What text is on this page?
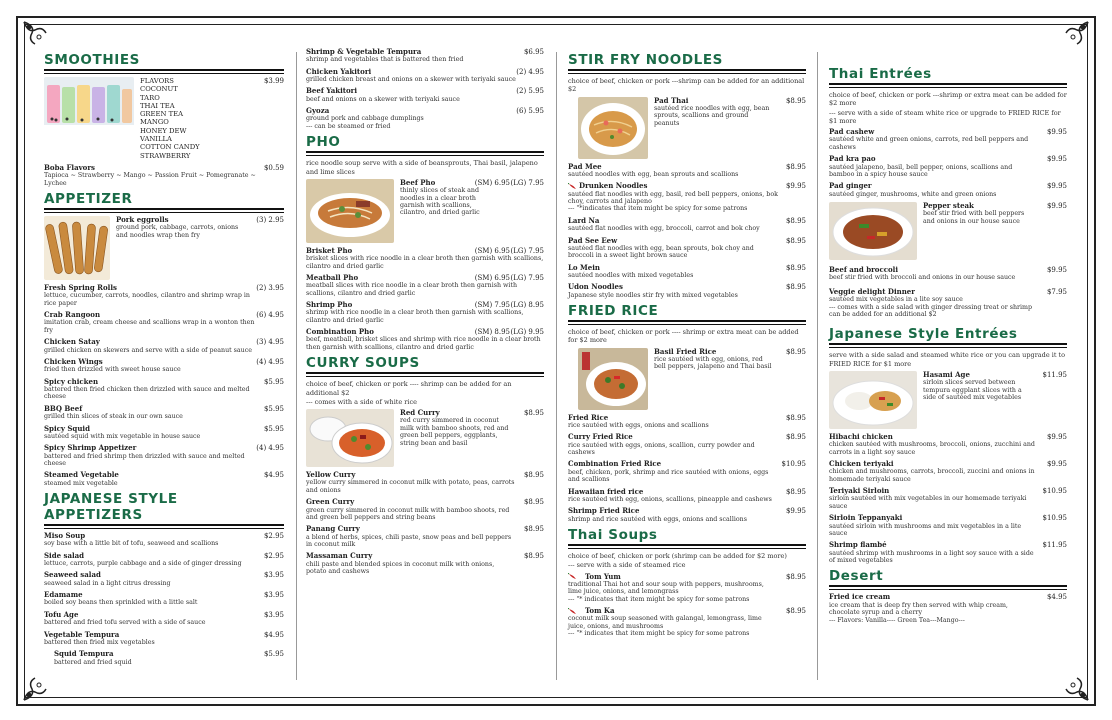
SMOOTHIES
FLAVORS
COCONUT
TARO
THAI TEA
GREEN TEA
MANGO
HONEY DEW
VANILLA
COTTON CANDY
STRAWBERRY
$3.99
Boba Flavors
Tapioca ~ Strawberry ~ Mango ~ Passion Fruit ~ Pomegranate ~ Lychee
$0.59
APPETIZER
Pork eggrolls
ground pork, cabbage, carrots, onions and noodles wrap then fry
(3) 2.95
Fresh Spring Rolls
lettuce, cucumber, carrots, noodles, cilantro and shrimp wrap in rice paper
(2) 3.95
Crab Rangoon
imitation crab, cream cheese and scallions wrap in a wonton then fry
(6) 4.95
Chicken Satay
grilled chicken on skewers and serve with a side of peanut sauce
(3) 4.95
Chicken Wings
fried then drizzled with sweet house sauce
(4) 4.95
Spicy chicken
battered then fried chicken then drizzled with sauce and melted cheese
$5.95
BBQ Beef
grilled thin slices of steak in our own sauce
$5.95
Spicy Squid
sautéed squid with mix vegetable in house sauce
$5.95
Spicy Shrimp Appetizer
battered and fried shrimp then drizzled with sauce and melted cheese
(4) 4.95
Steamed Vegetable
steamed mix vegetable
$4.95
JAPANESE STYLE
APPETIZERS
Miso Soup
soy base with a little bit of tofu, seaweed and scallions
$2.95
Side salad
lettuce, carrots, purple cabbage and a side of ginger dressing
$2.95
Seaweed salad
seaweed salad in a light citrus dressing
$3.95
Edamame
boiled soy beans then sprinkled with a little salt
$3.95
Tofu Age
battered and fried tofu served with a side of sauce
$3.95
Vegetable Tempura
battered then fried mix vegetables
$4.95
Squid Tempura
battered and fried squid
$5.95
Shrimp & Vegetable Tempura
shrimp and vegetables that is battered then fried
$6.95
Chicken Yakitori
grilled chicken breast and onions on a skewer with teriyaki sauce
(2) 4.95
Beef Yakitori
beef and onions on a skewer with teriyaki sauce
(2) 5.95
Gyoza
ground pork and cabbage dumplings
--- can be steamed or fried
(6) 5.95
PHO
rice noodle soup serve with a side of beansprouts, Thai basil, jalapeno and lime slices
Beef Pho
thinly slices of steak and noodles in a clear broth garnish with scallions, cilantro, and dried garlic
(SM) 6.95 (LG) 7.95
Brisket Pho
brisket slices with rice noodle in a clear broth then garnish with scallions, cilantro and dried garlic
(SM) 6.95 (LG) 7.95
Meatball Pho
meatball slices with rice noodle in a clear broth then garnish with scallions, cilantro and dried garlic
(SM) 6.95 (LG) 7.95
Shrimp Pho
shrimp with rice noodle in a clear broth then garnish with scallions, cilantro and dried garlic
(SM) 7.95 (LG) 8.95
Combination Pho
beef, meatball, brisket slices and shrimp with rice noodle in a clear broth then garnish with scallions, cilantro and dried garlic
(SM) 8.95 (LG) 9.95
CURRY SOUPS
choice of beef, chicken or pork ---- shrimp can be added for an additional $2
--- comes with a side of white rice
Red Curry
red curry simmered in coconut milk with bamboo shoots, red and green bell peppers, eggplants, string bean and basil
$8.95
Yellow Curry
yellow curry simmered in coconut milk with potato, peas, carrots and onions
$8.95
Green Curry
green curry simmered in coconut milk with bamboo shoots, red and green bell peppers and string beans
$8.95
Panang Curry
a blend of herbs, spices, chili paste, snow peas and bell peppers in coconut milk
$8.95
Massaman Curry
chili paste and blended spices in coconut milk with onions, potato and cashews
$8.95
STIR FRY NOODLES
choice of beef, chicken or pork ---shrimp can be added for an additional $2
Pad Thai
sautéed rice noodles with egg, bean sprouts, scallions and ground peanuts
$8.95
Pad Mee
sautéed noodles with egg, bean sprouts and scallions
$8.95
Drunken Noodles
sautéed flat noodles with egg, basil, red bell peppers, onions, bok choy, carrots and jalapeno
--- "*indicates that item might be spicy for some patrons
$9.95
Lard Na
sautéed flat noodles with egg, broccoli, carrot and bok choy
$8.95
Pad See Eew
sautéed flat noodles with egg, bean sprouts, bok choy and broccoli in a sweet light brown sauce
$8.95
Lo Mein
sautéed noodles with mixed vegetables
$8.95
Udon Noodles
Japanese style noodles stir fry with mixed vegetables
$8.95
FRIED RICE
choice of beef, chicken or pork ---- shrimp or extra meat can be added for $2 more
Basil Fried Rice
rice sautéed with egg, onions, red bell peppers, jalapeno and Thai basil
$8.95
Fried Rice
rice sautéed with eggs, onions and scallions
$8.95
Curry Fried Rice
rice sautéed with eggs, onions, scallion, curry powder and cashews
$8.95
Combination Fried Rice
beef, chicken, pork, shrimp and rice sautéed with onions, eggs and scallions
$10.95
Hawaiian fried rice
rice sautéed with egg, onions, scallions, pineapple and cashews
$8.95
Shrimp Fried Rice
shrimp and rice sautéed with eggs, onions and scallions
$9.95
Thai Soups
choice of beef, chicken or pork (shrimp can be added for $2 more)
--- serve with a side of steamed rice
Tom Yum
traditional Thai hot and sour soup with peppers, mushrooms, lime juice, onions, and lemongrass
--- "* indicates that item might be spicy for some patrons
$8.95
Tom Ka
coconut milk soup seasoned with galangal, lemongrass, lime juice, onions, and mushrooms
--- "* indicates that item might be spicy for some patrons
$8.95
Thai Entrées
choice of beef, chicken or pork ---shrimp or extra meat can be added for $2 more
--- serve with a side of steam white rice or upgrade to FRIED RICE for $1 more
Pad cashew
sautéed white and green onions, carrots, red bell peppers and cashews
$9.95
Pad kra pao
sautéed jalapeno, basil, bell pepper, onions, scallions and bamboo in a spicy house sauce
$9.95
Pad ginger
sautéed ginger, mushrooms, white and green onions
$9.95
Pepper steak
beef stir fried with bell peppers and onions in our house sauce
$9.95
Beef and broccoli
beef stir fried with broccoli and onions in our house sauce
$9.95
Veggie delight Dinner
sautéed mix vegetables in a lite soy sauce
--- comes with a side salad with ginger dressing treat or shrimp can be added for an additional $2
$7.95
Japanese Style Entrées
serve with a side salad and steamed white rice or you can upgrade it to FRIED RICE for $1 more
Hasami Age
sirloin slices served between tempura eggplant slices with a side of sautéed mix vegetables
$11.95
Hibachi chicken
chicken sautéed with mushrooms, broccoli, onions, zucchini and carrots in a light soy sauce
$9.95
Chicken teriyaki
chicken and mushrooms, carrots, broccoli, zuccini and onions in homemade teriyaki sauce
$9.95
Teriyaki Sirloin
sirloin sautéed with mix vegetables in our homemade teriyaki sauce
$10.95
Sirloin Teppanyaki
sautéed sirloin with mushrooms and mix vegetables in a lite sauce
$10.95
Shrimp flambé
sautéed shrimp with mushrooms in a light soy sauce with a side of mixed vegetables
$11.95
Desert
Fried ice cream
ice cream that is deep fry then served with whip cream, chocolate syrup and a cherry
--- Flavors: Vanilla---- Green Tea---Mango---
$4.95
